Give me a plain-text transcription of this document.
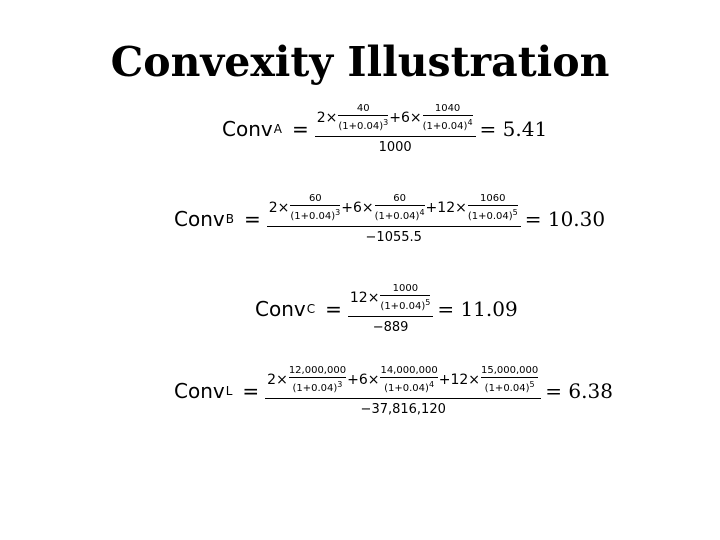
Convexity Illustration
Conv A = 2×
40
$(1+0.04)^3 + 6\times$
1040
$(1+0.04)^4$
1000
= 5.41
Conv B = 2×
60
$(1+0.04)^3 + 6\times$
60
$(1+0.04)^4 + 12\times$
1060
$(1+0.04)^5$
−1055.5
= 10.30
Conv C = 12×
1000
$(1+0.04)^5$
−889
= 11.09
Conv L = 2×
12,000,000
$(1+0.04)^3 + 6\times$
14,000,000
$(1+0.04)^4 + 12\times$
15,000,000
$(1+0.04)^5$
−37,816,120
= 6.38
